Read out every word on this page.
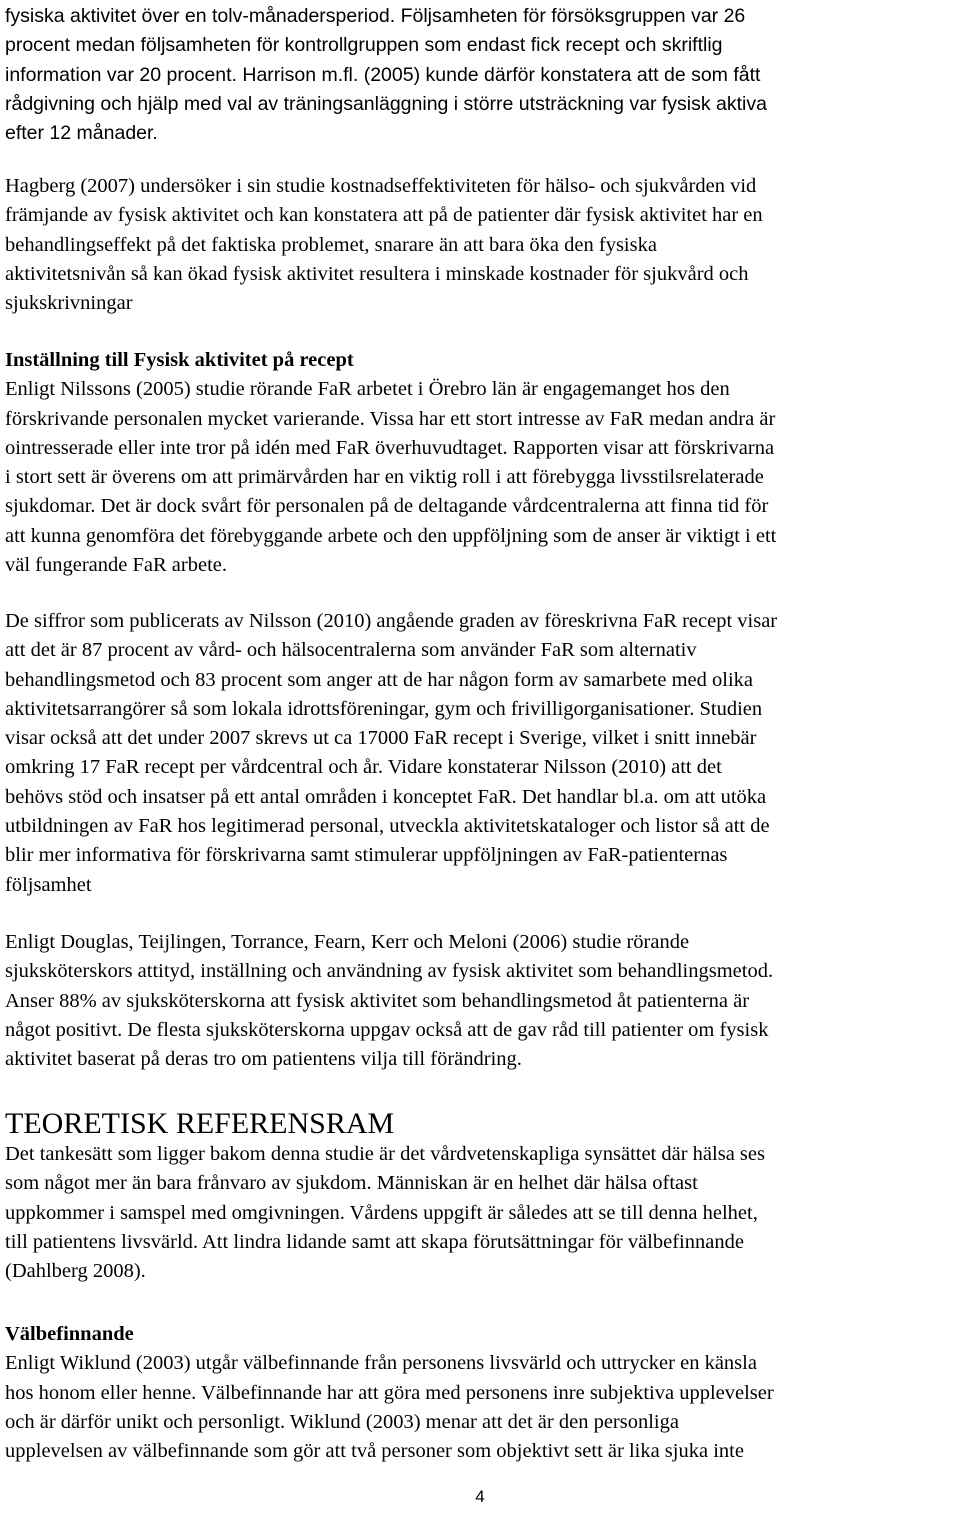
fysiska aktivitet över en tolv-månadersperiod. Följsamheten för försöksgruppen var 26
procent medan följsamheten för kontrollgruppen som endast fick recept och skriftlig
information var 20 procent. Harrison m.fl. (2005) kunde därför konstatera att de som fått
rådgivning och hjälp med val av träningsanläggning i större utsträckning var fysisk aktiva
efter 12 månader.
Hagberg (2007) undersöker i sin studie kostnadseffektiviteten för hälso- och sjukvården vid
främjande av fysisk aktivitet och kan konstatera att på de patienter där fysisk aktivitet har en
behandlingseffekt på det faktiska problemet, snarare än att bara öka den fysiska
aktivitetsnivån så kan ökad fysisk aktivitet resultera i minskade kostnader för sjukvård och
sjukskrivningar
Inställning till Fysisk aktivitet på recept
Enligt Nilssons (2005) studie rörande FaR arbetet i Örebro län är engagemanget hos den
förskrivande personalen mycket varierande. Vissa har ett stort intresse av FaR medan andra är
ointresserade eller inte tror på idén med FaR överhuvudtaget. Rapporten visar att förskrivarna
i stort sett är överens om att primärvården har en viktig roll i att förebygga livsstilsrelaterade
sjukdomar. Det är dock svårt för personalen på de deltagande vårdcentralerna att finna tid för
att kunna genomföra det förebyggande arbete och den uppföljning som de anser är viktigt i ett
väl fungerande FaR arbete.
De siffror som publicerats av Nilsson (2010) angående graden av föreskrivna FaR recept visar
att det är 87 procent av vård- och hälsocentralerna som använder FaR som alternativ
behandlingsmetod och 83 procent som anger att de har någon form av samarbete med olika
aktivitetsarrangörer så som lokala idrottsföreningar, gym och frivilligorganisationer. Studien
visar också att det under 2007 skrevs ut ca 17000 FaR recept i Sverige, vilket i snitt innebär
omkring 17 FaR recept per vårdcentral och år. Vidare konstaterar Nilsson (2010) att det
behövs stöd och insatser på ett antal områden i konceptet FaR. Det handlar bl.a. om att utöka
utbildningen av FaR hos legitimerad personal, utveckla aktivitetskataloger och listor så att de
blir mer informativa för förskrivarna samt stimulerar uppföljningen av FaR-patienternas
följsamhet
Enligt Douglas, Teijlingen, Torrance, Fearn, Kerr och Meloni (2006) studie rörande
sjuksköterskors attityd, inställning och användning av fysisk aktivitet som behandlingsmetod.
Anser 88% av sjuksköterskorna att fysisk aktivitet som behandlingsmetod åt patienterna är
något positivt. De flesta sjuksköterskorna uppgav också att de gav råd till patienter om fysisk
aktivitet baserat på deras tro om patientens vilja till förändring.
TEORETISK REFERENSRAM
Det tankesätt som ligger bakom denna studie är det vårdvetenskapliga synsättet där hälsa ses
som något mer än bara frånvaro av sjukdom. Människan är en helhet där hälsa oftast
uppkommer i samspel med omgivningen. Vårdens uppgift är således att se till denna helhet,
till patientens livsvärld. Att lindra lidande samt att skapa förutsättningar för välbefinnande
(Dahlberg 2008).
Välbefinnande
Enligt Wiklund (2003) utgår välbefinnande från personens livsvärld och uttrycker en känsla
hos honom eller henne. Välbefinnande har att göra med personens inre subjektiva upplevelser
och är därför unikt och personligt. Wiklund (2003) menar att det är den personliga
upplevelsen av välbefinnande som gör att två personer som objektivt sett är lika sjuka inte
4
